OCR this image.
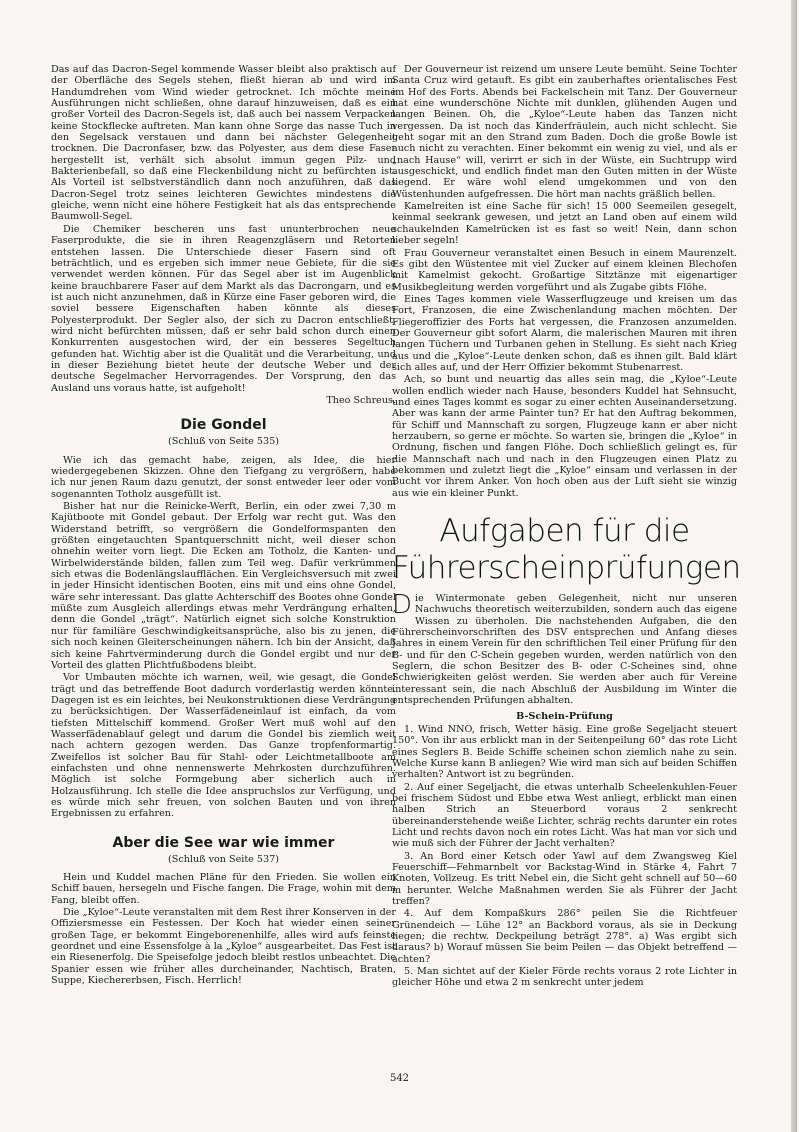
Das auf das Dacron-Segel kommende Wasser bleibt also praktisch auf der Oberfläche des Segels stehen, fließt hieran ab und wird im Handumdrehen vom Wind wieder getrocknet. Ich möchte meine Ausführungen nicht schließen, ohne darauf hinzuweisen, daß es ein großer Vorteil des Dacron-Segels ist, daß auch bei nassem Verpacken keine Stockflecke auftreten. Man kann ohne Sorge das nasse Tuch in den Segelsack verstauen und dann bei nächster Gelegenheit trocknen. Die Dacronfaser, bzw. das Polyester, aus dem diese Faser hergestellt ist, verhält sich absolut immun gegen Pilz- und Bakterienbefall, so daß eine Fleckenbildung nicht zu befürchten ist. Als Vorteil ist selbstverständlich dann noch anzuführen, daß das Dacron-Segel trotz seines leichteren Gewichtes mindestens die gleiche, wenn nicht eine höhere Festigkeit hat als das entsprechende Baumwoll-Segel.

Die Chemiker bescheren uns fast ununterbrochen neue Faserprodukte, die sie in ihren Reagenzgläsern und Retorten entstehen lassen. Die Unterschiede dieser Fasern sind oft beträchtlich, und es ergeben sich immer neue Gebiete, für die sie verwendet werden können. Für das Segel aber ist im Augenblick keine brauchbarere Faser auf dem Markt als das Dacrongarn, und es ist auch nicht anzunehmen, daß in Kürze eine Faser geboren wird, die soviel bessere Eigenschaften haben könnte als dieses Polyesterprodukt. Der Segler also, der sich zu Dacron entschließt, wird nicht befürchten müssen, daß er sehr bald schon durch einen Konkurrenten ausgestochen wird, der ein besseres Segeltuch gefunden hat. Wichtig aber ist die Qualität und die Verarbeitung, und in dieser Beziehung bietet heute der deutsche Weber und der deutsche Segelmacher Hervorragendes. Der Vorsprung, den das Ausland uns voraus hatte, ist aufgeholt!

Theo Schreus.
Die Gondel
(Schluß von Seite 535)

Wie ich das gemacht habe, zeigen, als Idee, die hier wiedergegebenen Skizzen. Ohne den Tiefgang zu vergrößern, habe ich nur jenen Raum dazu genutzt, der sonst entweder leer oder vom sogenannten Totholz ausgefüllt ist.

Bisher hat nur die Reinicke-Werft, Berlin, ein oder zwei 7,30 m Kajütboote mit Gondel gebaut. Der Erfolg war recht gut. Was den Widerstand betrifft, so vergrößern die Gondelformspanten den größten eingetauchten Spantquerschnitt nicht, weil dieser schon ohnehin weiter vorn liegt. Die Ecken am Totholz, die Kanten- und Wirbelwiderstände bilden, fallen zum Teil weg. Dafür verkrümmen sich etwas die Bodenlängslaufflächen. Ein Vergleichsversuch mit zwei in jeder Hinsicht identischen Booten, eins mit und eins ohne Gondel, wäre sehr interessant. Das glatte Achterschiff des Bootes ohne Gondel müßte zum Ausgleich allerdings etwas mehr Verdrängung erhalten, denn die Gondel „trägt“. Natürlich eignet sich solche Konstruktion nur für familiäre Geschwindigkeitsansprüche, also bis zu jenen, die sich noch keinen Gleiterscheinungen nähern. Ich bin der Ansicht, daß sich keine Fahrtverminderung durch die Gondel ergibt und nur der Vorteil des glatten Plichtfußbodens bleibt.

Vor Umbauten möchte ich warnen, weil, wie gesagt, die Gondel trägt und das betreffende Boot dadurch vorderlastig werden könnte. Dagegen ist es ein leichtes, bei Neukonstruktionen diese Verdrängung zu berücksichtigen. Der Wasserfädeneinlauf ist einfach, da vom tiefsten Mittelschiff kommend. Großer Wert muß wohl auf den Wasserfädenablauf gelegt und darum die Gondel bis ziemlich weit nach achtern gezogen werden. Das Ganze tropfenformartig. Zweifellos ist solcher Bau für Stahl- oder Leichtmetallboote am einfachsten und ohne nennenswerte Mehrkosten durchzuführen. Möglich ist solche Formgebung aber sicherlich auch in Holzausführung. Ich stelle die Idee anspruchslos zur Verfügung, und es würde mich sehr freuen, von solchen Bauten und von ihren Ergebnissen zu erfahren.

Aber die See war wie immer
(Schluß von Seite 537)

Hein und Kuddel machen Pläne für den Frieden. Sie wollen ein Schiff bauen, hersegeln und Fische fangen. Die Frage, wohin mit dem Fang, bleibt offen.

Die „Kyloe“-Leute veranstalten mit dem Rest ihrer Konserven in der Offiziersmesse ein Festessen. Der Koch hat wieder einen seiner großen Tage, er bekommt Eingeborenenhilfe, alles wird aufs feinste geordnet und eine Essensfolge à la „Kyloe“ ausgearbeitet. Das Fest ist ein Riesenerfolg. Die Speisefolge jedoch bleibt restlos unbeachtet. Die Spanier essen wie früher alles durcheinander, Nachtisch, Braten, Suppe, Kiechererbsen, Fisch. Herrlich!

Der Gouverneur ist reizend um unsere Leute bemüht. Seine Tochter Santa Cruz wird getauft. Es gibt ein zauberhaftes orientalisches Fest im Hof des Forts. Abends bei Fackelschein mit Tanz. Der Gouverneur hat eine wunderschöne Nichte mit dunklen, glühenden Augen und langen Beinen. Oh, die „Kyloe“-Leute haben das Tanzen nicht vergessen. Da ist noch das Kinderfräulein, auch nicht schlecht. Sie geht sogar mit an den Strand zum Baden. Doch die große Bowle ist auch nicht zu verachten. Einer bekommt ein wenig zu viel, und als er „nach Hause“ will, verirrt er sich in der Wüste, ein Suchtrupp wird ausgeschickt, und endlich findet man den Guten mitten in der Wüste liegend. Er wäre wohl elend umgekommen und von den Wüstenhunden aufgefressen. Die hört man nachts gräßlich bellen.

Kamelreiten ist eine Sache für sich! 15 000 Seemeilen gesegelt, keinmal seekrank gewesen, und jetzt an Land oben auf einem wild schaukelnden Kamelrücken ist es fast so weit! Nein, dann schon lieber segeln!

Frau Gouverneur veranstaltet einen Besuch in einem Maurenzelt. Es gibt den Wüstentee mit viel Zucker auf einem kleinen Blechofen mit Kamelmist gekocht. Großartige Sitztänze mit eigenartiger Musikbegleitung werden vorgeführt und als Zugabe gibts Flöhe.

Eines Tages kommen viele Wasserflugzeuge und kreisen um das Fort, Franzosen, die eine Zwischenlandung machen möchten. Der Fliegeroffizier des Forts hat vergessen, die Franzosen anzumelden. Der Gouverneur gibt sofort Alarm, die malerischen Mauren mit ihren langen Tüchern und Turbanen gehen in Stellung. Es sieht nach Krieg aus und die „Kyloe“-Leute denken schon, daß es ihnen gilt. Bald klärt sich alles auf, und der Herr Offizier bekommt Stubenarrest.

Ach, so bunt und neuartig das alles sein mag, die „Kyloe“-Leute wollen endlich wieder nach Hause, besonders Kuddel hat Sehnsucht, und eines Tages kommt es sogar zu einer echten Auseinandersetzung. Aber was kann der arme Painter tun? Er hat den Auftrag bekommen, für Schiff und Mannschaft zu sorgen, Flugzeuge kann er aber nicht herzaubern, so gerne er möchte. So warten sie, bringen die „Kyloe“ in Ordnung, fischen und fangen Flöhe. Doch schließlich gelingt es, für die Mannschaft nach und nach in den Flugzeugen einen Platz zu bekommen und zuletzt liegt die „Kyloe“ einsam und verlassen in der Bucht vor ihrem Anker. Von hoch oben aus der Luft sieht sie winzig aus wie ein kleiner Punkt.

Aufgaben für die Führerscheinprüfungen

Die Wintermonate geben Gelegenheit, nicht nur unseren Nachwuchs theoretisch weiterzubilden, sondern auch das eigene Wissen zu überholen. Die nachstehenden Aufgaben, die den Führerscheinvorschriften des DSV entsprechen und Anfang dieses Jahres in einem Verein für den schriftlichen Teil einer Prüfung für den B- und für den C-Schein gegeben wurden, werden natürlich von den Seglern, die schon Besitzer des B- oder C-Scheines sind, ohne Schwierigkeiten gelöst werden. Sie werden aber auch für Vereine interessant sein, die nach Abschluß der Ausbildung im Winter die entsprechenden Prüfungen abhalten.

B-Schein-Prüfung

1. Wind NNO, frisch, Wetter häsig. Eine große Segeljacht steuert 150°. Von ihr aus erblickt man in der Seitenpeilung 60° das rote Licht eines Seglers B. Beide Schiffe scheinen schon ziemlich nahe zu sein. Welche Kurse kann B anliegen? Wie wird man sich auf beiden Schiffen verhalten? Antwort ist zu begründen.

2. Auf einer Segeljacht, die etwas unterhalb Scheelenkuhlen-Feuer bei frischem Südost und Ebbe etwa West anliegt, erblickt man einen halben Strich an Steuerbord voraus 2 senkrecht übereinanderstehende weiße Lichter, schräg rechts darunter ein rotes Licht und rechts davon noch ein rotes Licht. Was hat man vor sich und wie muß sich der Führer der Jacht verhalten?

3. An Bord einer Ketsch oder Yawl auf dem Zwangsweg Kiel Feuerschiff—Fehmarnbelt vor Backstag-Wind in Stärke 4, Fahrt 7 Knoten, Vollzeug. Es tritt Nebel ein, die Sicht geht schnell auf 50—60 m herunter. Welche Maßnahmen werden Sie als Führer der Jacht treffen?

4. Auf dem Kompaßkurs 286° peilen Sie die Richtfeuer Grünendeich — Lühe 12° an Backbord voraus, als sie in Deckung liegen; die rechtw. Deckpeilung beträgt 278°. a) Was ergibt sich daraus? b) Worauf müssen Sie beim Peilen — das Objekt betreffend — achten?

5. Man sichtet auf der Kieler Förde rechts voraus 2 rote Lichter in gleicher Höhe und etwa 2 m senkrecht unter jedem

542
